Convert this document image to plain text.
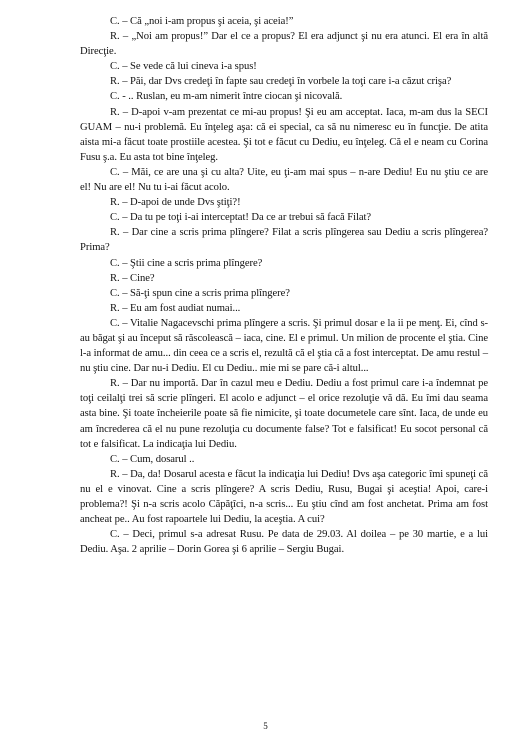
C. – Că „noi i-am propus şi aceia, şi aceia!”

R. – „Noi am propus!” Dar el ce a propus? El era adjunct şi nu era atunci. El era în altă Direcţie.

C. – Se vede că lui cineva i-a spus!

R. – Păi, dar Dvs credeţi în fapte sau credeţi în vorbele la toţi care i-a căzut crişa?

C. - .. Ruslan, eu m-am nimerit între ciocan şi nicovală.

R. – D-apoi v-am prezentat ce mi-au propus! Şi eu am acceptat. Iaca, m-am dus la SECI GUAM – nu-i problemă. Eu înţeleg aşa: că ei special, ca să nu nimeresc eu în funcţie. De atita aista mi-a făcut toate prostiile acestea. Şi tot e făcut cu Dediu, eu înţeleg. Că el e neam cu Corina Fusu ş.a. Eu asta tot bine înţeleg.

C. – Măi, ce are una şi cu alta? Uite, eu ţi-am mai spus – n-are Dediu! Eu nu ştiu ce are el! Nu are el! Nu tu i-ai făcut acolo.

R. – D-apoi de unde Dvs ştiţi?!

C. – Da tu pe toţi i-ai interceptat! Da ce ar trebui să facă Filat?

R. – Dar cine a scris prima plîngere? Filat a scris plîngerea sau Dediu a scris plîngerea? Prima?

C. – Ştii cine a scris prima plîngere?

R. – Cine?

C. – Să-ţi spun cine a scris prima plîngere?

R. – Eu am fost audiat numai...

C. – Vitalie Nagacevschi prima plîngere a scris. Şi primul dosar e la ii pe menţ. Ei, cînd s-au băgat şi au început să răscolească – iaca, cine. El e primul. Un milion de procente el ştia. Cine l-a informat de amu... din ceea ce a scris el, rezultă că el ştia că a fost interceptat. De amu restul – nu ştiu cine. Dar nu-i Dediu. El cu Dediu.. mie mi se pare că-i altul...

R. – Dar nu importă. Dar în cazul meu e Dediu. Dediu a fost primul care i-a îndemnat pe toţi ceilalţi trei să scrie plîngeri. El acolo e adjunct – el orice rezoluţie vă dă. Eu îmi dau seama asta bine. Şi toate încheierile poate să fie nimicite, şi toate documetele care sînt. Iaca, de unde eu am încrederea că el nu pune rezoluţia cu documente false? Tot e falsificat! Eu socot personal că tot e falsificat. La indicaţia lui Dediu.

C. – Cum, dosarul ..

R. – Da, da! Dosarul acesta e făcut la indicaţia lui Dediu! Dvs aşa categoric îmi spuneţi că nu el e vinovat. Cine a scris plîngere? A scris Dediu, Rusu, Bugai şi aceştia! Apoi, care-i problema?! Şi n-a scris acolo Căpăţîci, n-a scris... Eu ştiu cînd am fost anchetat. Prima am fost ancheat pe.. Au fost rapoartele lui Dediu, la aceştia. A cui?

C. – Deci, primul s-a adresat Rusu. Pe data de 29.03. Al doilea – pe 30 martie, e a lui Dediu. Aşa. 2 aprilie – Dorin Gorea şi 6 aprilie – Sergiu Bugai.

5
